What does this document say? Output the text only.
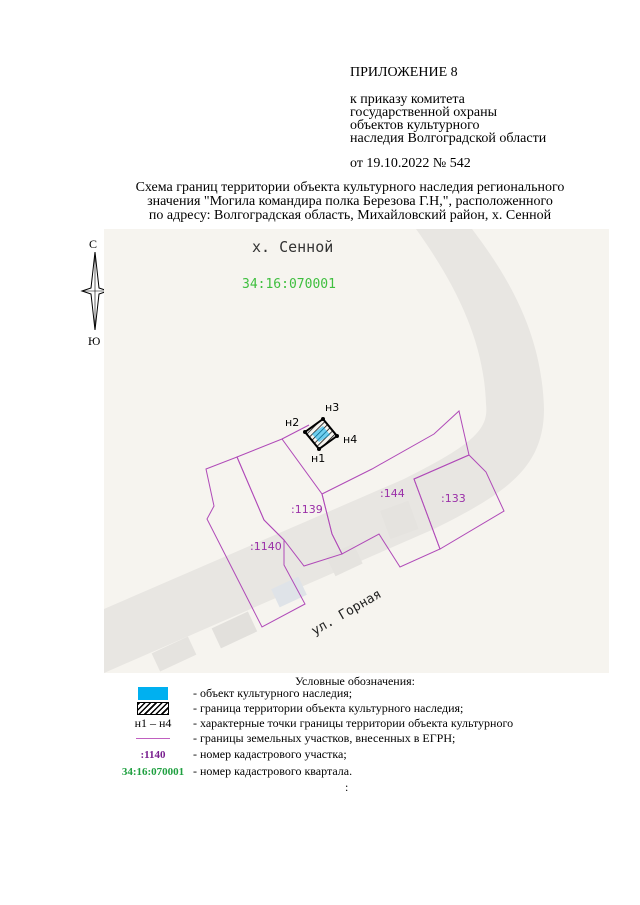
ПРИЛОЖЕНИЕ 8
к приказу комитета
государственной охраны
объектов культурного
наследия Волгоградской области
от 19.10.2022 № 542
Схема границ территории объекта культурного наследия регионального
значения "Могила командира полка Березова Г.Н,", расположенного
по адресу: Волгоградская область, Михайловский район, х. Сенной
С
Ю
х. Сенной
34:16:070001
ул. Горная
:1139
:1140
:144	:133
н1
н2
н3
н4
Условные обозначения:
- объект культурного наследия;
- граница территории объекта культурного наследия;
н1 – н4 - характерные точки границы территории объекта культурного
- границы земельных участков, внесенных в ЕГРН;
:1140 - номер кадастрового участка;
34:16:070001 - номер кадастрового квартала.
:
